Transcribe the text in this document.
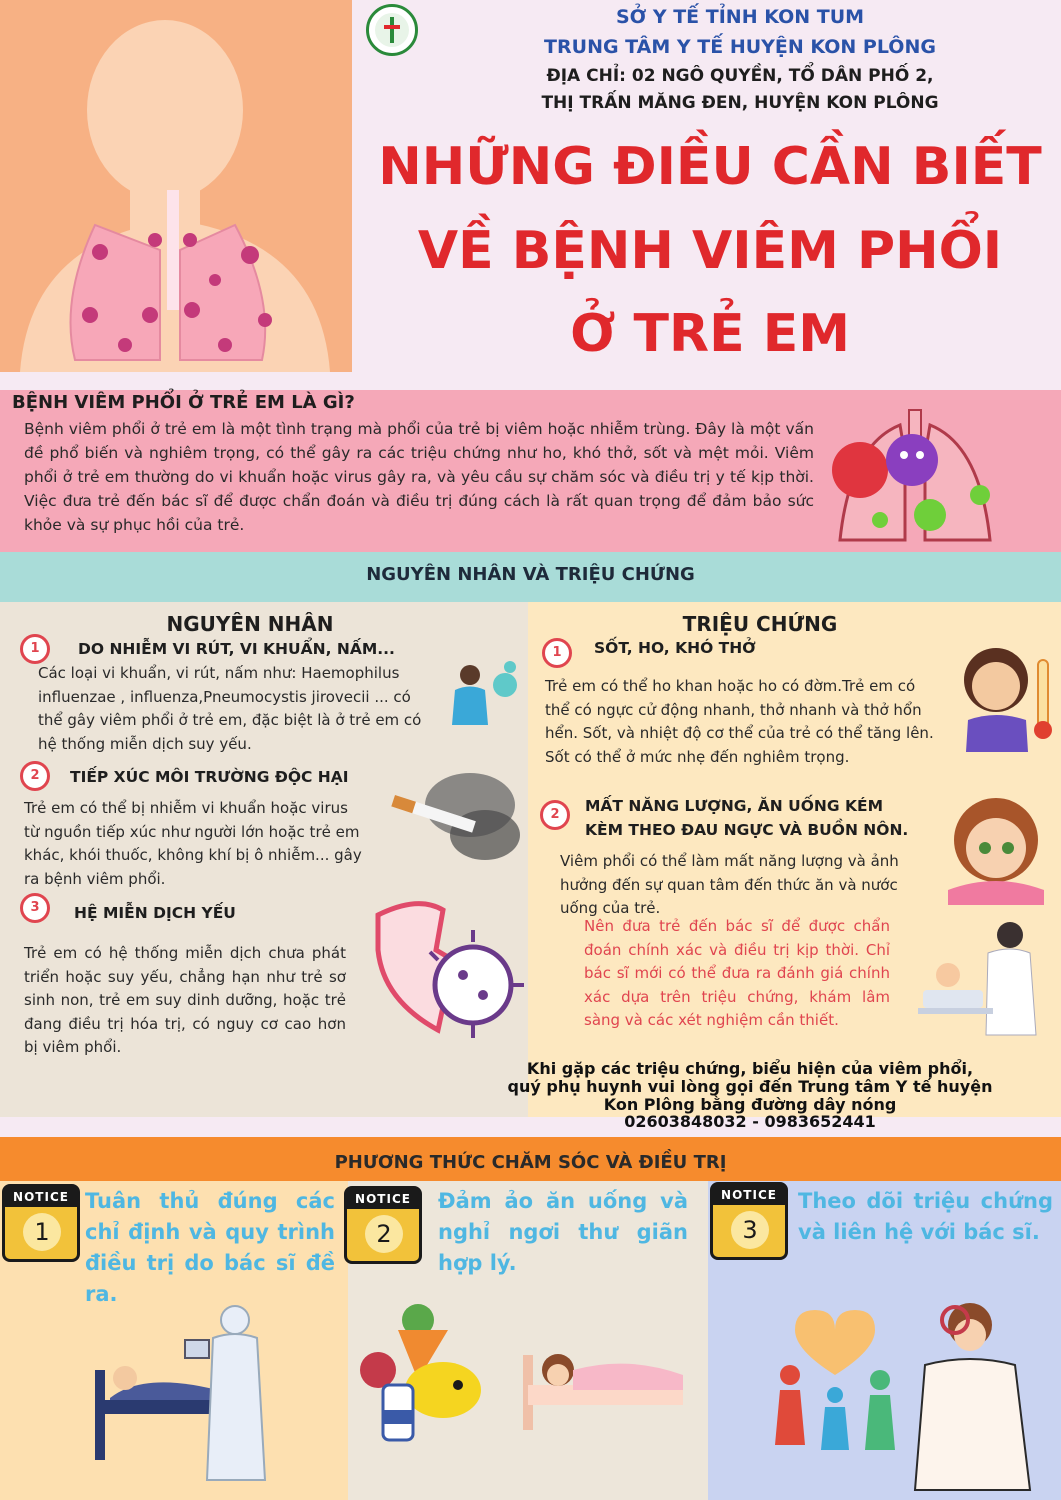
SỞ Y TẾ TỈNH KON TUM
TRUNG TÂM Y TẾ HUYỆN KON PLÔNG
ĐỊA CHỈ: 02 NGÔ QUYỀN, TỔ DÂN PHỐ 2,
THỊ TRẤN MĂNG ĐEN, HUYỆN KON PLÔNG
NHỮNG ĐIỀU CẦN BIẾT
VỀ BỆNH VIÊM PHỔI
Ở TRẺ EM
BỆNH VIÊM PHỔI Ở TRẺ EM LÀ GÌ?
Bệnh viêm phổi ở trẻ em là một tình trạng mà phổi của trẻ bị viêm hoặc nhiễm trùng. Đây là một vấn đề phổ biến và nghiêm trọng, có thể gây ra các triệu chứng như ho, khó thở, sốt và mệt mỏi. Viêm phổi ở trẻ em thường do vi khuẩn hoặc virus gây ra, và yêu cầu sự chăm sóc và điều trị y tế kịp thời. Việc đưa trẻ đến bác sĩ để được chẩn đoán và điều trị đúng cách là rất quan trọng để đảm bảo sức khỏe và sự phục hồi của trẻ.
NGUYÊN NHÂN VÀ TRIỆU CHỨNG
NGUYÊN NHÂN
1	DO NHIỄM VI RÚT, VI KHUẨN, NẤM...
Các loại vi khuẩn, vi rút, nấm như: Haemophilus influenzae , influenza,Pneumocystis jirovecii ... có thể gây viêm phổi ở trẻ em, đặc biệt là ở trẻ em có hệ thống miễn dịch suy yếu.
2	TIẾP XÚC MÔI TRƯỜNG ĐỘC HẠI
Trẻ em có thể bị nhiễm vi khuẩn hoặc virus từ nguồn tiếp xúc như người lớn hoặc trẻ em khác, khói thuốc, không khí bị ô nhiễm... gây ra bệnh viêm phổi.
3	HỆ MIỄN DỊCH YẾU
Trẻ em có hệ thống miễn dịch chưa phát triển hoặc suy yếu, chẳng hạn như trẻ sơ sinh non, trẻ em suy dinh dưỡng, hoặc trẻ đang điều trị hóa trị, có nguy cơ cao hơn bị viêm phổi.
TRIỆU CHỨNG
1	SỐT, HO, KHÓ THỞ
Trẻ em có thể ho khan hoặc ho có đờm.Trẻ em có thể có ngực cử động nhanh, thở nhanh và thở hổn hển. Sốt, và nhiệt độ cơ thể của trẻ có thể tăng lên. Sốt có thể ở mức nhẹ đến nghiêm trọng.
2	MẤT NĂNG LƯỢNG, ĂN UỐNG KÉM
KÈM THEO ĐAU NGỰC VÀ BUỒN NÔN.
Viêm phổi có thể làm mất năng lượng và ảnh hưởng đến sự quan tâm đến thức ăn và nước uống của trẻ.
Nên đưa trẻ đến bác sĩ để được chẩn đoán chính xác và điều trị kịp thời. Chỉ bác sĩ mới có thể đưa ra đánh giá chính xác dựa trên triệu chứng, khám lâm sàng và các xét nghiệm cần thiết.
Khi gặp các triệu chứng, biểu hiện của viêm phổi,
quý phụ huynh vui lòng gọi đến Trung tâm Y tế huyện
Kon Plông bằng đường dây nóng
02603848032 - 0983652441
PHƯƠNG THỨC CHĂM SÓC VÀ ĐIỀU TRỊ
NOTICE
1
Tuân thủ đúng các chỉ định và quy trình điều trị do bác sĩ đề ra.
NOTICE
2
Đảm ảo ăn uống và nghỉ ngơi thư giãn hợp lý.
NOTICE
3
Theo dõi triệu chứng và liên hệ với bác sĩ.
